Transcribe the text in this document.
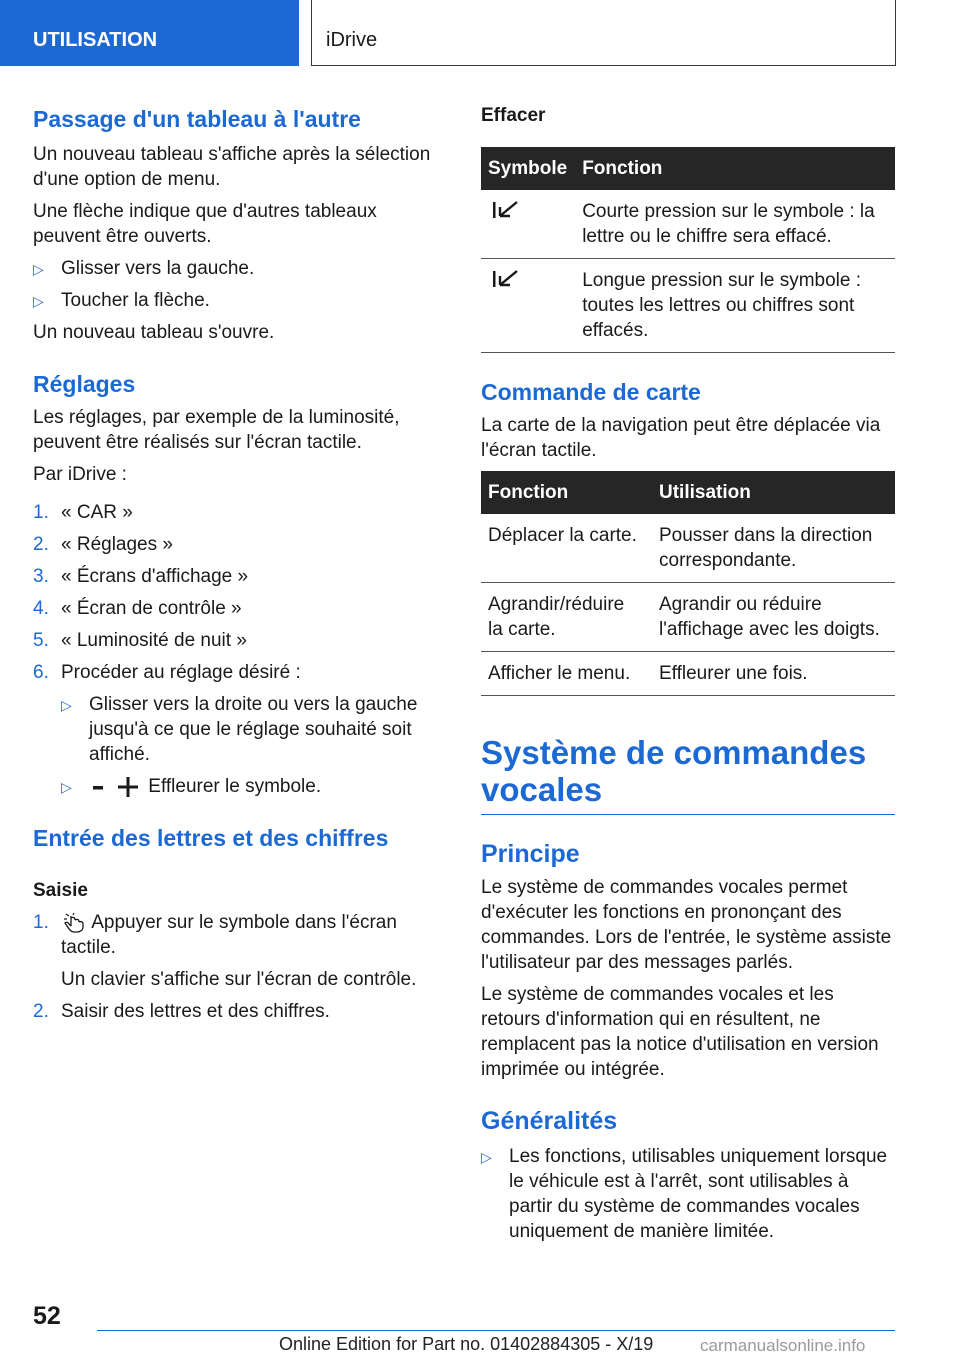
UTILISATION	iDrive
Passage d'un tableau à l'autre

Un nouveau tableau s'affiche après la sélection d'une option de menu.

Une flèche indique que d'autres tableaux peuvent être ouverts.

▷ Glisser vers la gauche.
▷ Toucher la flèche.

Un nouveau tableau s'ouvre.

Réglages

Les réglages, par exemple de la luminosité, peuvent être réalisés sur l'écran tactile.

Par iDrive :

1. « CAR »
2. « Réglages »
3. « Écrans d'affichage »
4. « Écran de contrôle »
5. « Luminosité de nuit »
6. Procéder au réglage désiré :
▷ Glisser vers la droite ou vers la gauche jusqu'à ce que le réglage souhaité soit affiché.
▷	Effleurer le symbole.
Entrée des lettres et des chiffres
Saisie
1. Appuyer sur le symbole dans l'écran tactile.

Un clavier s'affiche sur l'écran de contrôle.

2. Saisir des lettres et des chiffres.
Effacer
Symbole	Fonction
	Courte pression sur le symbole : la lettre ou le chiffre sera effacé.
	Longue pression sur le symbole : toutes les lettres ou chiffres sont effacés.
Commande de carte

La carte de la navigation peut être déplacée via l'écran tactile.

Fonction	Utilisation
Déplacer la carte.	Pousser dans la direction correspondante.
Agrandir/réduire la carte.	Agrandir ou réduire l'affichage avec les doigts.
Afficher le menu.	Effleurer une fois.
Système de commandes vocales
Principe

Le système de commandes vocales permet d'exécuter les fonctions en prononçant des commandes. Lors de l'entrée, le système assiste l'utilisateur par des messages parlés.

Le système de commandes vocales et les retours d'information qui en résultent, ne remplacent pas la notice d'utilisation en version imprimée ou intégrée.

Généralités
▷ Les fonctions, utilisables uniquement lorsque le véhicule est à l'arrêt, sont utilisables à partir du système de commandes vocales uniquement de manière limitée.
52
Online Edition for Part no. 01402884305 - X/19	carmanualsonline.info
